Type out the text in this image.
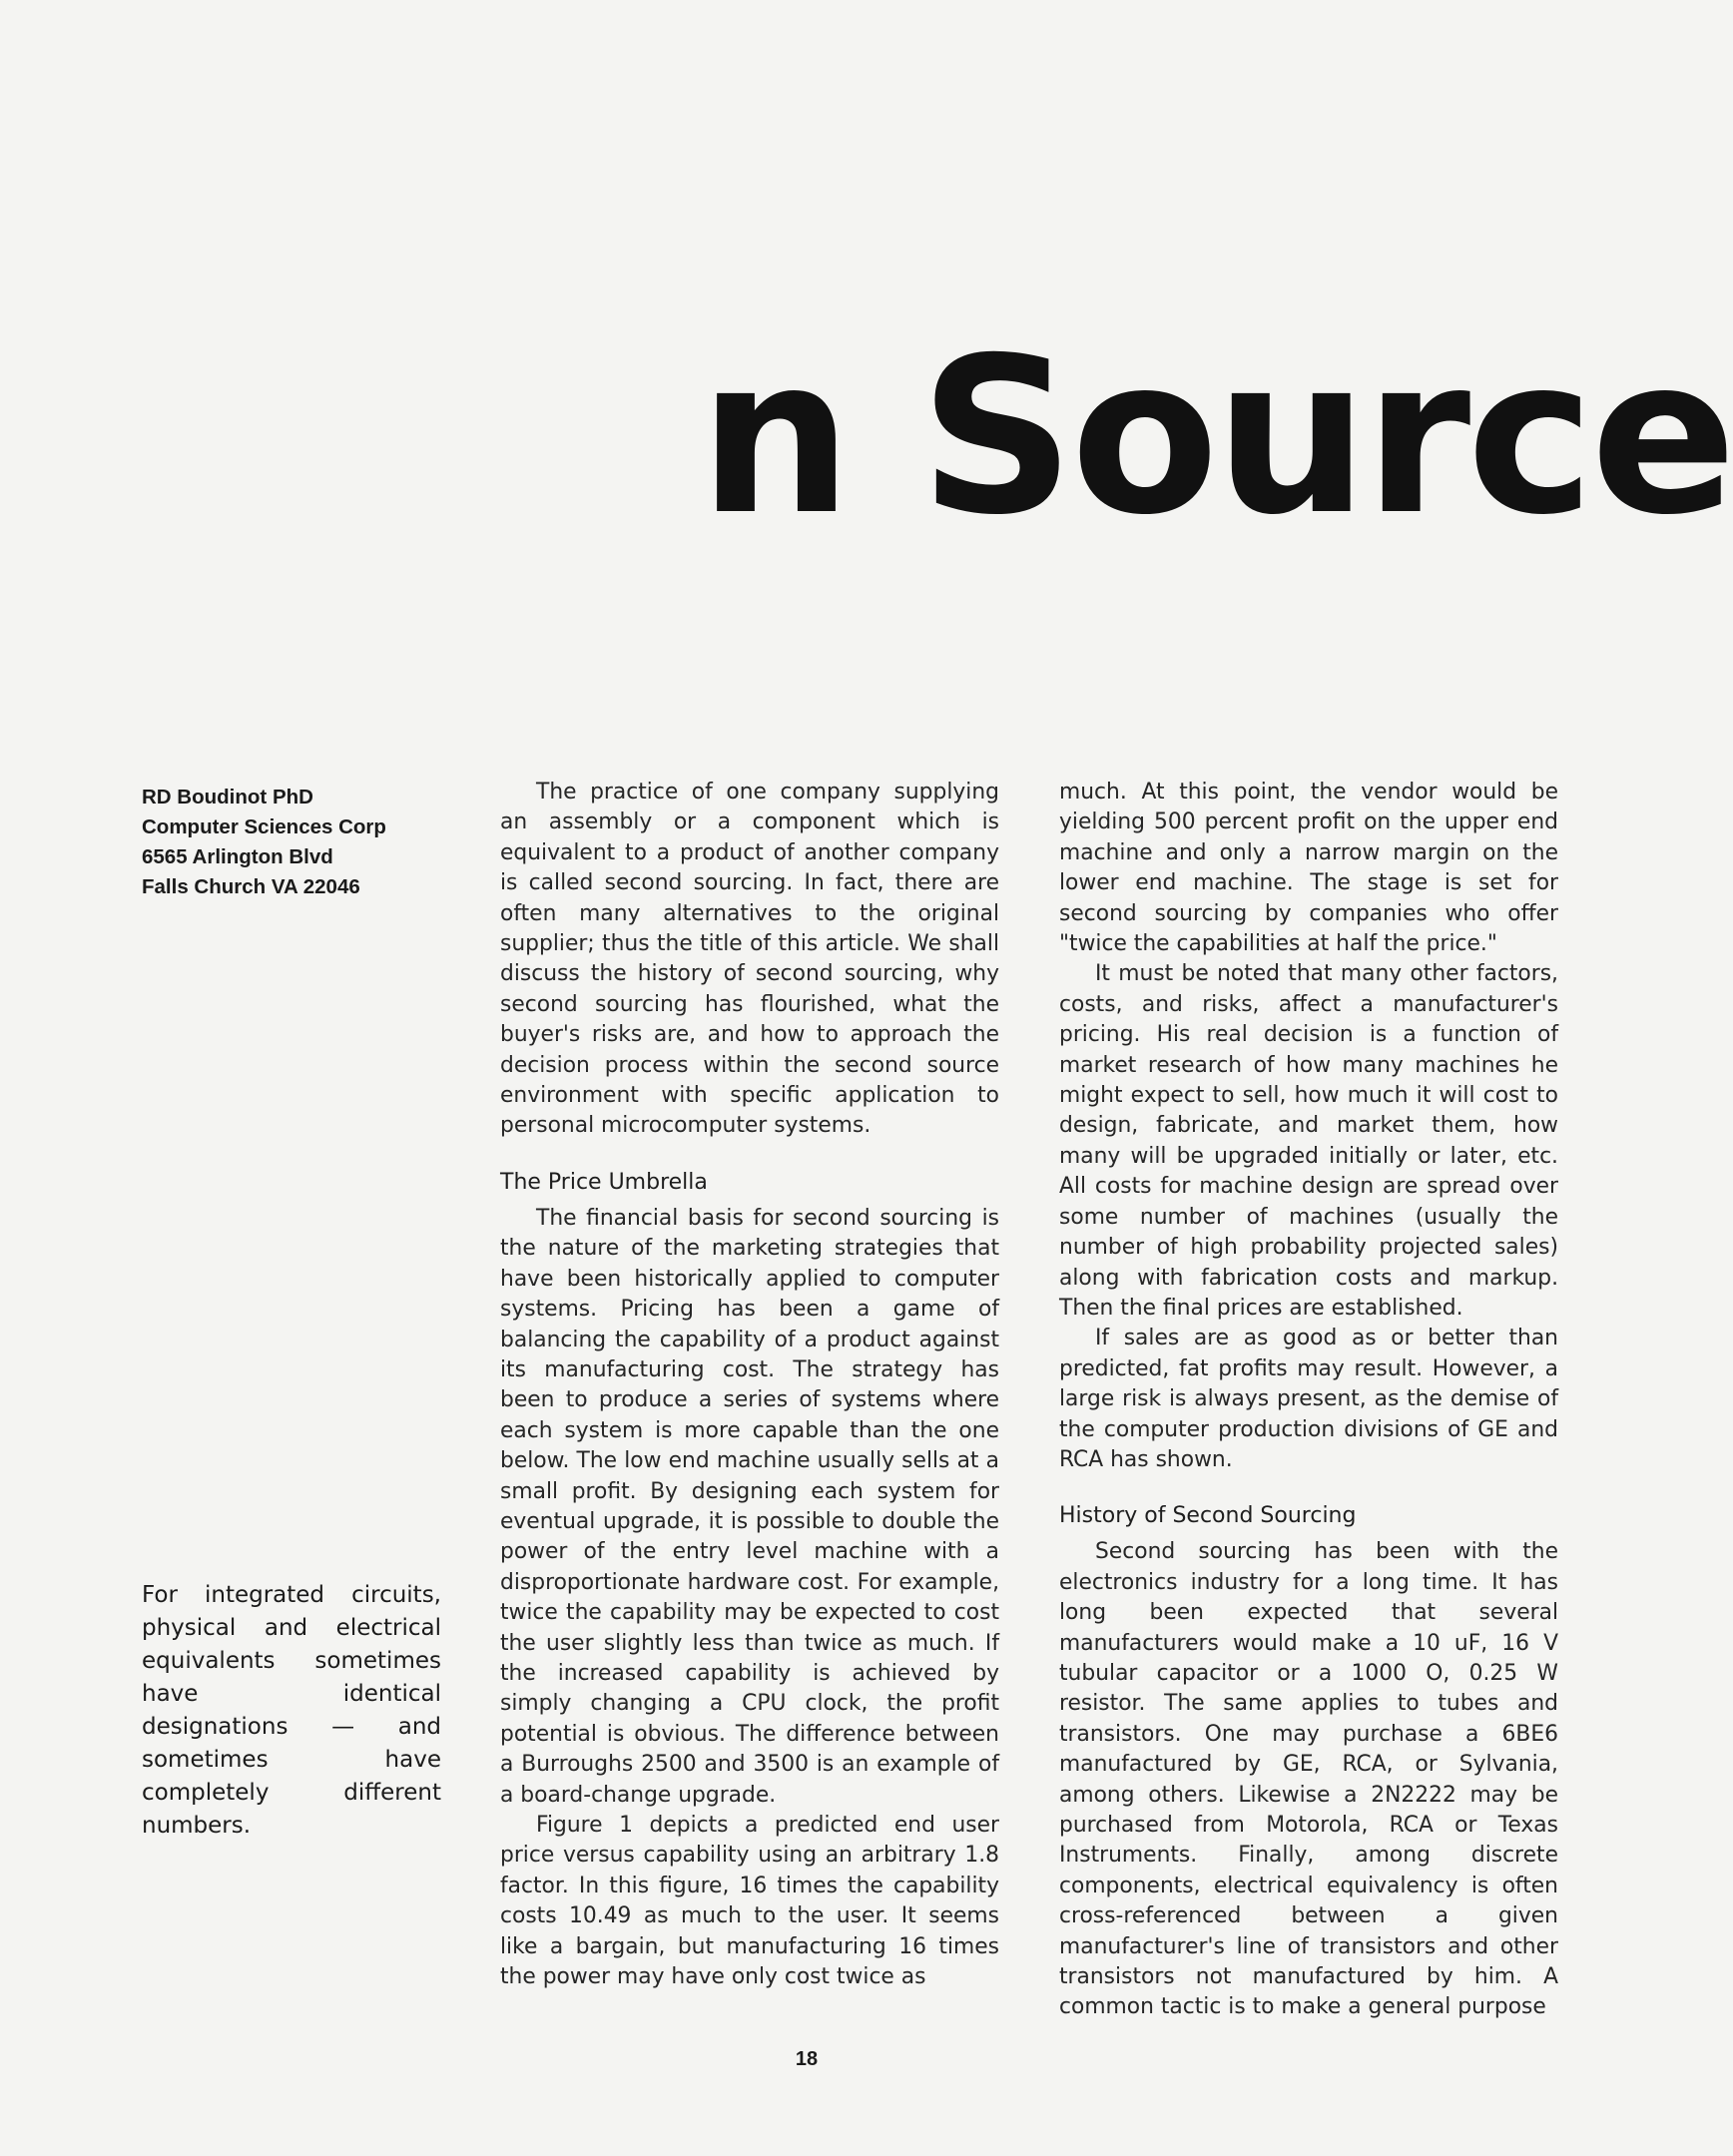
n Source
RD Boudinot PhD
Computer Sciences Corp
6565 Arlington Blvd
Falls Church VA 22046

For integrated circuits, physical and electrical equivalents sometimes have identical designations — and sometimes have completely different numbers.

The practice of one company supplying an assembly or a component which is equivalent to a product of another company is called second sourcing. In fact, there are often many alternatives to the original supplier; thus the title of this article. We shall discuss the history of second sourcing, why second sourcing has flourished, what the buyer's risks are, and how to approach the decision process within the second source environment with specific application to personal microcomputer systems.

The Price Umbrella

The financial basis for second sourcing is the nature of the marketing strategies that have been historically applied to computer systems. Pricing has been a game of balancing the capability of a product against its manufacturing cost. The strategy has been to produce a series of systems where each system is more capable than the one below. The low end machine usually sells at a small profit. By designing each system for eventual upgrade, it is possible to double the power of the entry level machine with a disproportionate hardware cost. For example, twice the capability may be expected to cost the user slightly less than twice as much. If the increased capability is achieved by simply changing a CPU clock, the profit potential is obvious. The difference between a Burroughs 2500 and 3500 is an example of a board-change upgrade.

Figure 1 depicts a predicted end user price versus capability using an arbitrary 1.8 factor. In this figure, 16 times the capability costs 10.49 as much to the user. It seems like a bargain, but manufacturing 16 times the power may have only cost twice as

much. At this point, the vendor would be yielding 500 percent profit on the upper end machine and only a narrow margin on the lower end machine. The stage is set for second sourcing by companies who offer "twice the capabilities at half the price."

It must be noted that many other factors, costs, and risks, affect a manufacturer's pricing. His real decision is a function of market research of how many machines he might expect to sell, how much it will cost to design, fabricate, and market them, how many will be upgraded initially or later, etc. All costs for machine design are spread over some number of machines (usually the number of high probability projected sales) along with fabrication costs and markup. Then the final prices are established.

If sales are as good as or better than predicted, fat profits may result. However, a large risk is always present, as the demise of the computer production divisions of GE and RCA has shown.

History of Second Sourcing

Second sourcing has been with the electronics industry for a long time. It has long been expected that several manufacturers would make a 10 uF, 16 V tubular capacitor or a 1000 O, 0.25 W resistor. The same applies to tubes and transistors. One may purchase a 6BE6 manufactured by GE, RCA, or Sylvania, among others. Likewise a 2N2222 may be purchased from Motorola, RCA or Texas Instruments. Finally, among discrete components, electrical equivalency is often cross-referenced between a given manufacturer's line of transistors and other transistors not manufactured by him. A common tactic is to make a general purpose

18
